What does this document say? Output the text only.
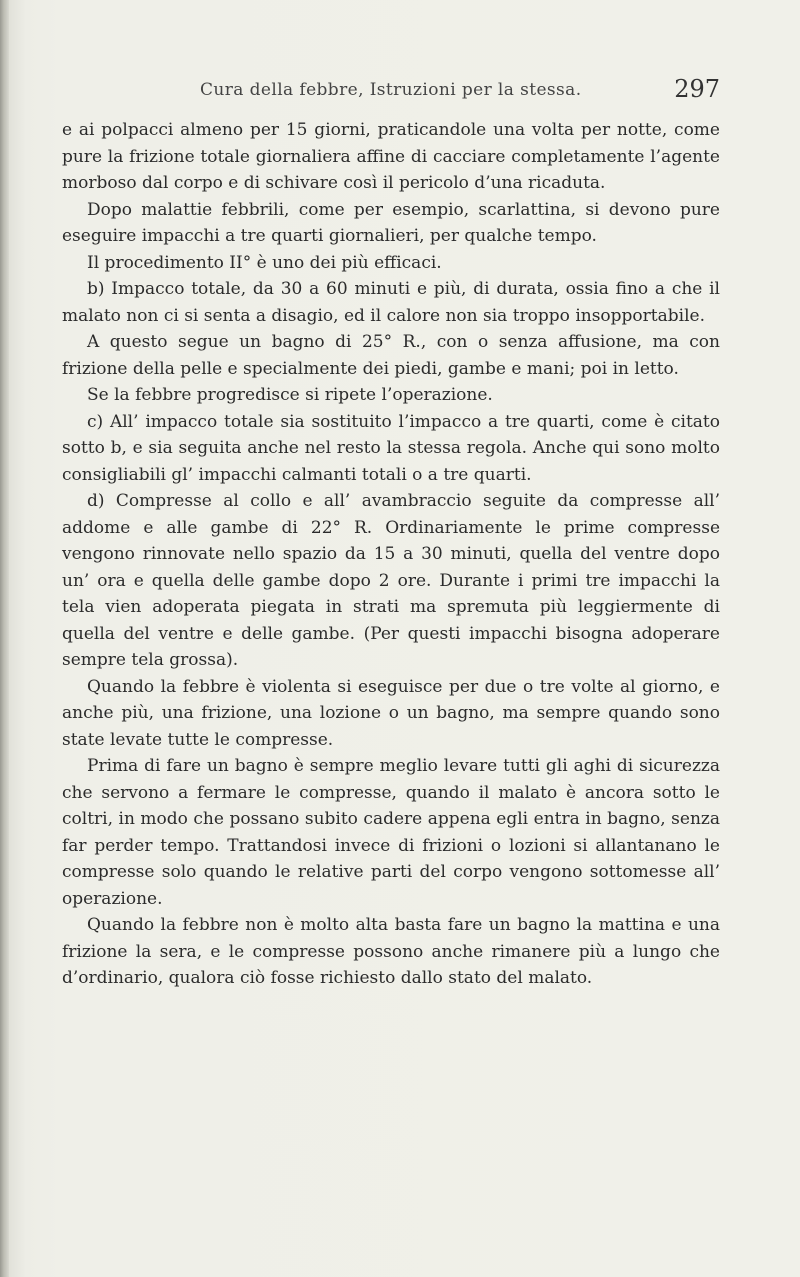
Cura della febbre, Istruzioni per la stessa.	297

e ai polpacci almeno per 15 giorni, praticandole una volta per notte, come pure la frizione totale giornaliera affine di cacciare completamente l’agente morboso dal corpo e di schivare così il pericolo d’una ricaduta.

Dopo malattie febbrili, come per esempio, scarlattina, si devono pure eseguire impacchi a tre quarti giornalieri, per qualche tempo.

Il procedimento II° è uno dei più efficaci.

b) Impacco totale, da 30 a 60 minuti e più, di durata, ossia fino a che il malato non ci si senta a disagio, ed il calore non sia troppo insopportabile.

A questo segue un bagno di 25° R., con o senza affusione, ma con frizione della pelle e specialmente dei piedi, gambe e mani; poi in letto.

Se la febbre progredisce si ripete l’operazione.

c) All’ impacco totale sia sostituito l’impacco a tre quarti, come è citato sotto b, e sia seguita anche nel resto la stessa regola. Anche qui sono molto consigliabili gl’ impacchi calmanti totali o a tre quarti.

d) Compresse al collo e all’ avambraccio seguite da compresse all’ addome e alle gambe di 22° R. Ordinariamente le prime compresse vengono rinnovate nello spazio da 15 a 30 minuti, quella del ventre dopo un’ ora e quella delle gambe dopo 2 ore. Durante i primi tre impacchi la tela vien adoperata piegata in strati ma spremuta più leggiermente di quella del ventre e delle gambe. (Per questi impacchi bisogna adoperare sempre tela grossa).

Quando la febbre è violenta si eseguisce per due o tre volte al giorno, e anche più, una frizione, una lozione o un bagno, ma sempre quando sono state levate tutte le compresse.

Prima di fare un bagno è sempre meglio levare tutti gli aghi di sicurezza che servono a fermare le compresse, quando il malato è ancora sotto le coltri, in modo che possano subito cadere appena egli entra in bagno, senza far perder tempo. Trattandosi invece di frizioni o lozioni si allantanano le compresse solo quando le relative parti del corpo vengono sottomesse all’ operazione.

Quando la febbre non è molto alta basta fare un bagno la mattina e una frizione la sera, e le compresse possono anche rimanere più a lungo che d’ordinario, qualora ciò fosse richiesto dallo stato del malato.
